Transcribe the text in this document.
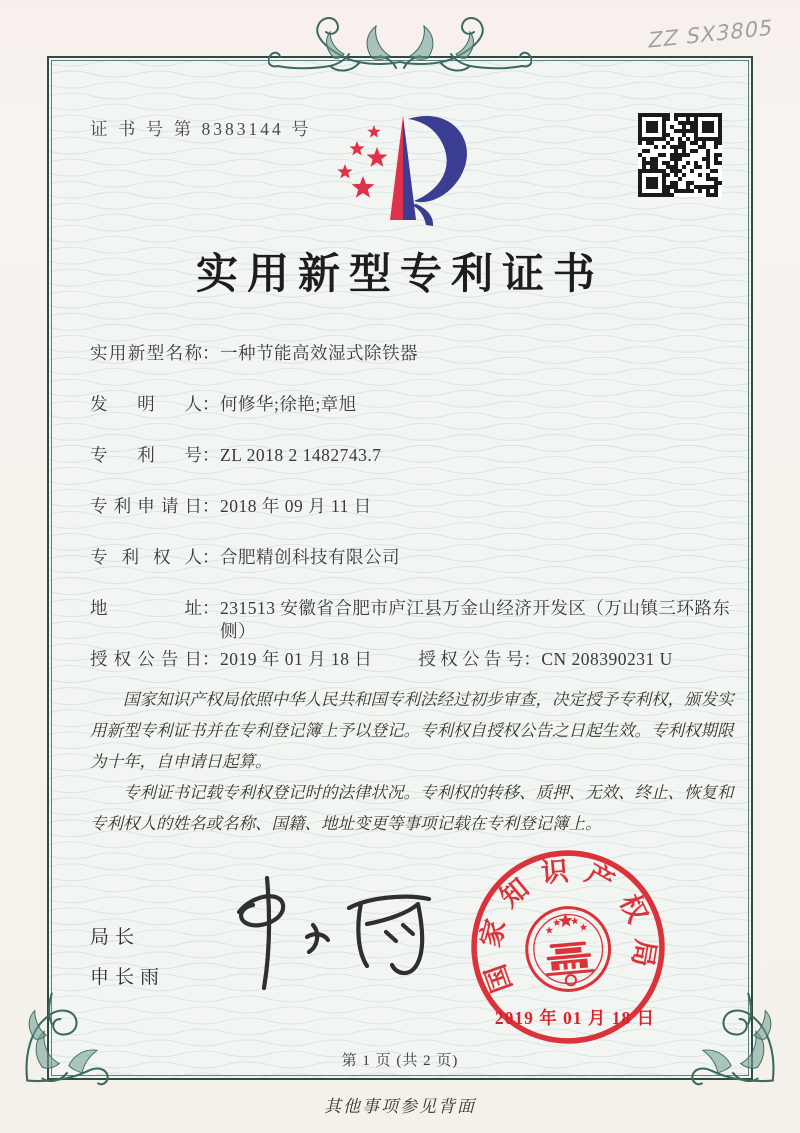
ZZ SX3805
证 书 号 第 8383144 号
实用新型专利证书
实用新型名称 ： 一种节能高效湿式除铁器
发明人 ： 何修华;徐艳;章旭
专利号 ： ZL 2018 2 1482743.7
专利申请日 ： 2018 年 09 月 11 日
专利权人 ： 合肥精创科技有限公司
地址 ： 231513 安徽省合肥市庐江县万金山经济开发区（万山镇三环路东侧）
授权公告日 ： 2019 年 01 月 18 日	授权公告号 ： CN 208390231 U

国家知识产权局依照中华人民共和国专利法经过初步审查，决定授予专利权，颁发实用新型专利证书并在专利登记簿上予以登记。专利权自授权公告之日起生效。专利权期限为十年，自申请日起算。

专利证书记载专利权登记时的法律状况。专利权的转移、质押、无效、终止、恢复和专利权人的姓名或名称、国籍、地址变更等事项记载在专利登记簿上。

局长
申长雨	国家知识产权局
2019 年 01 月 18 日
第 1 页 (共 2 页)
其他事项参见背面
